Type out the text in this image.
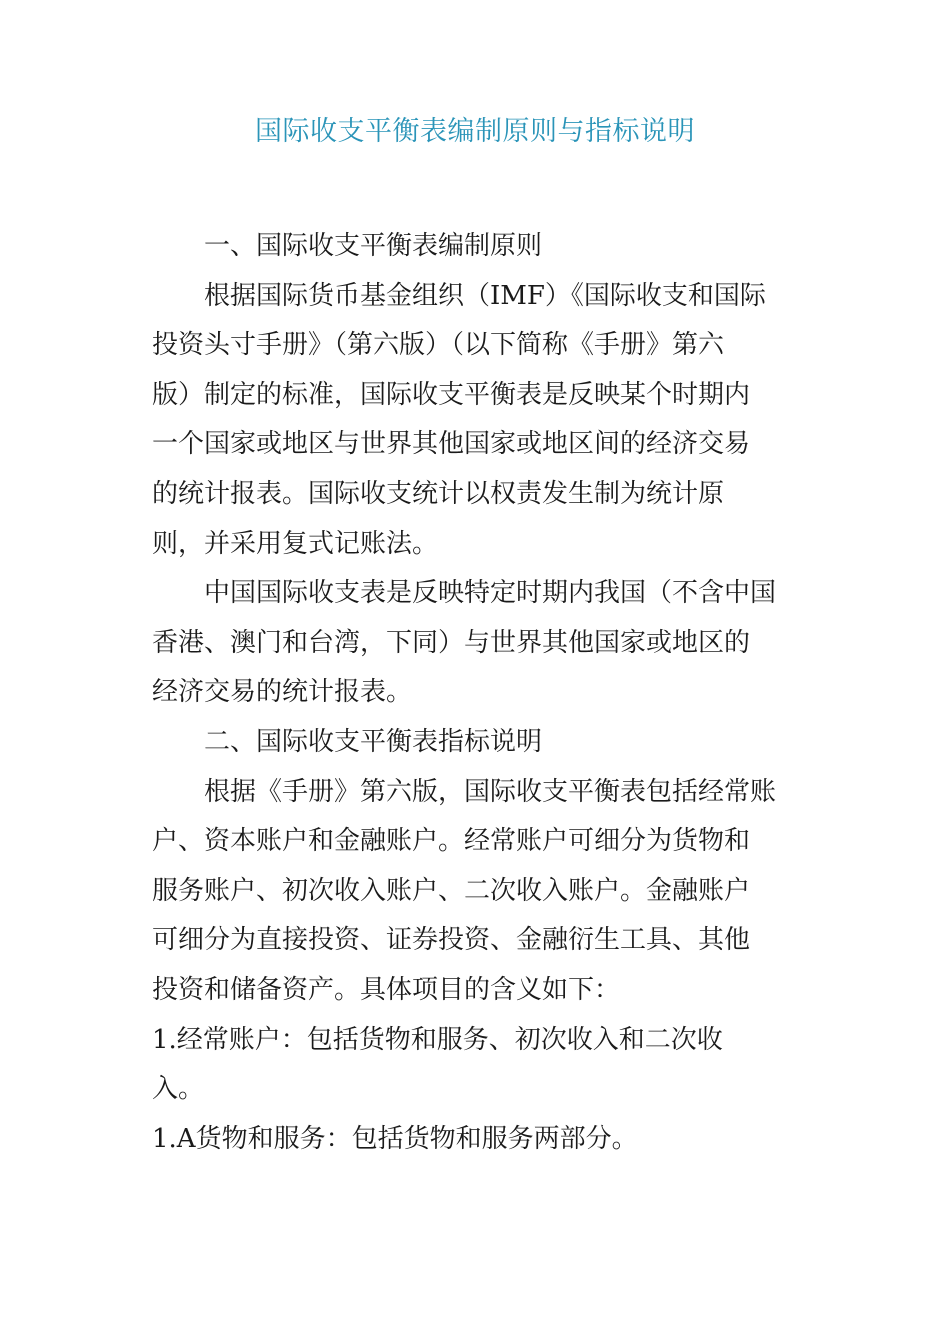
国际收支平衡表编制原则与指标说明
一、国际收支平衡表编制原则
根据国际货币基金组织（IMF）《国际收支和国际
投资头寸手册》（第六版）（以下简称《手册》第六
版）制定的标准，国际收支平衡表是反映某个时期内
一个国家或地区与世界其他国家或地区间的经济交易
的统计报表。国际收支统计以权责发生制为统计原
则，并采用复式记账法。
中国国际收支表是反映特定时期内我国（不含中国
香港、澳门和台湾，下同）与世界其他国家或地区的
经济交易的统计报表。
二、国际收支平衡表指标说明
根据《手册》第六版，国际收支平衡表包括经常账
户、资本账户和金融账户。经常账户可细分为货物和
服务账户、初次收入账户、二次收入账户。金融账户
可细分为直接投资、证券投资、金融衍生工具、其他
投资和储备资产。具体项目的含义如下：
1.经常账户：包括货物和服务、初次收入和二次收
入。
1.A货物和服务：包括货物和服务两部分。
